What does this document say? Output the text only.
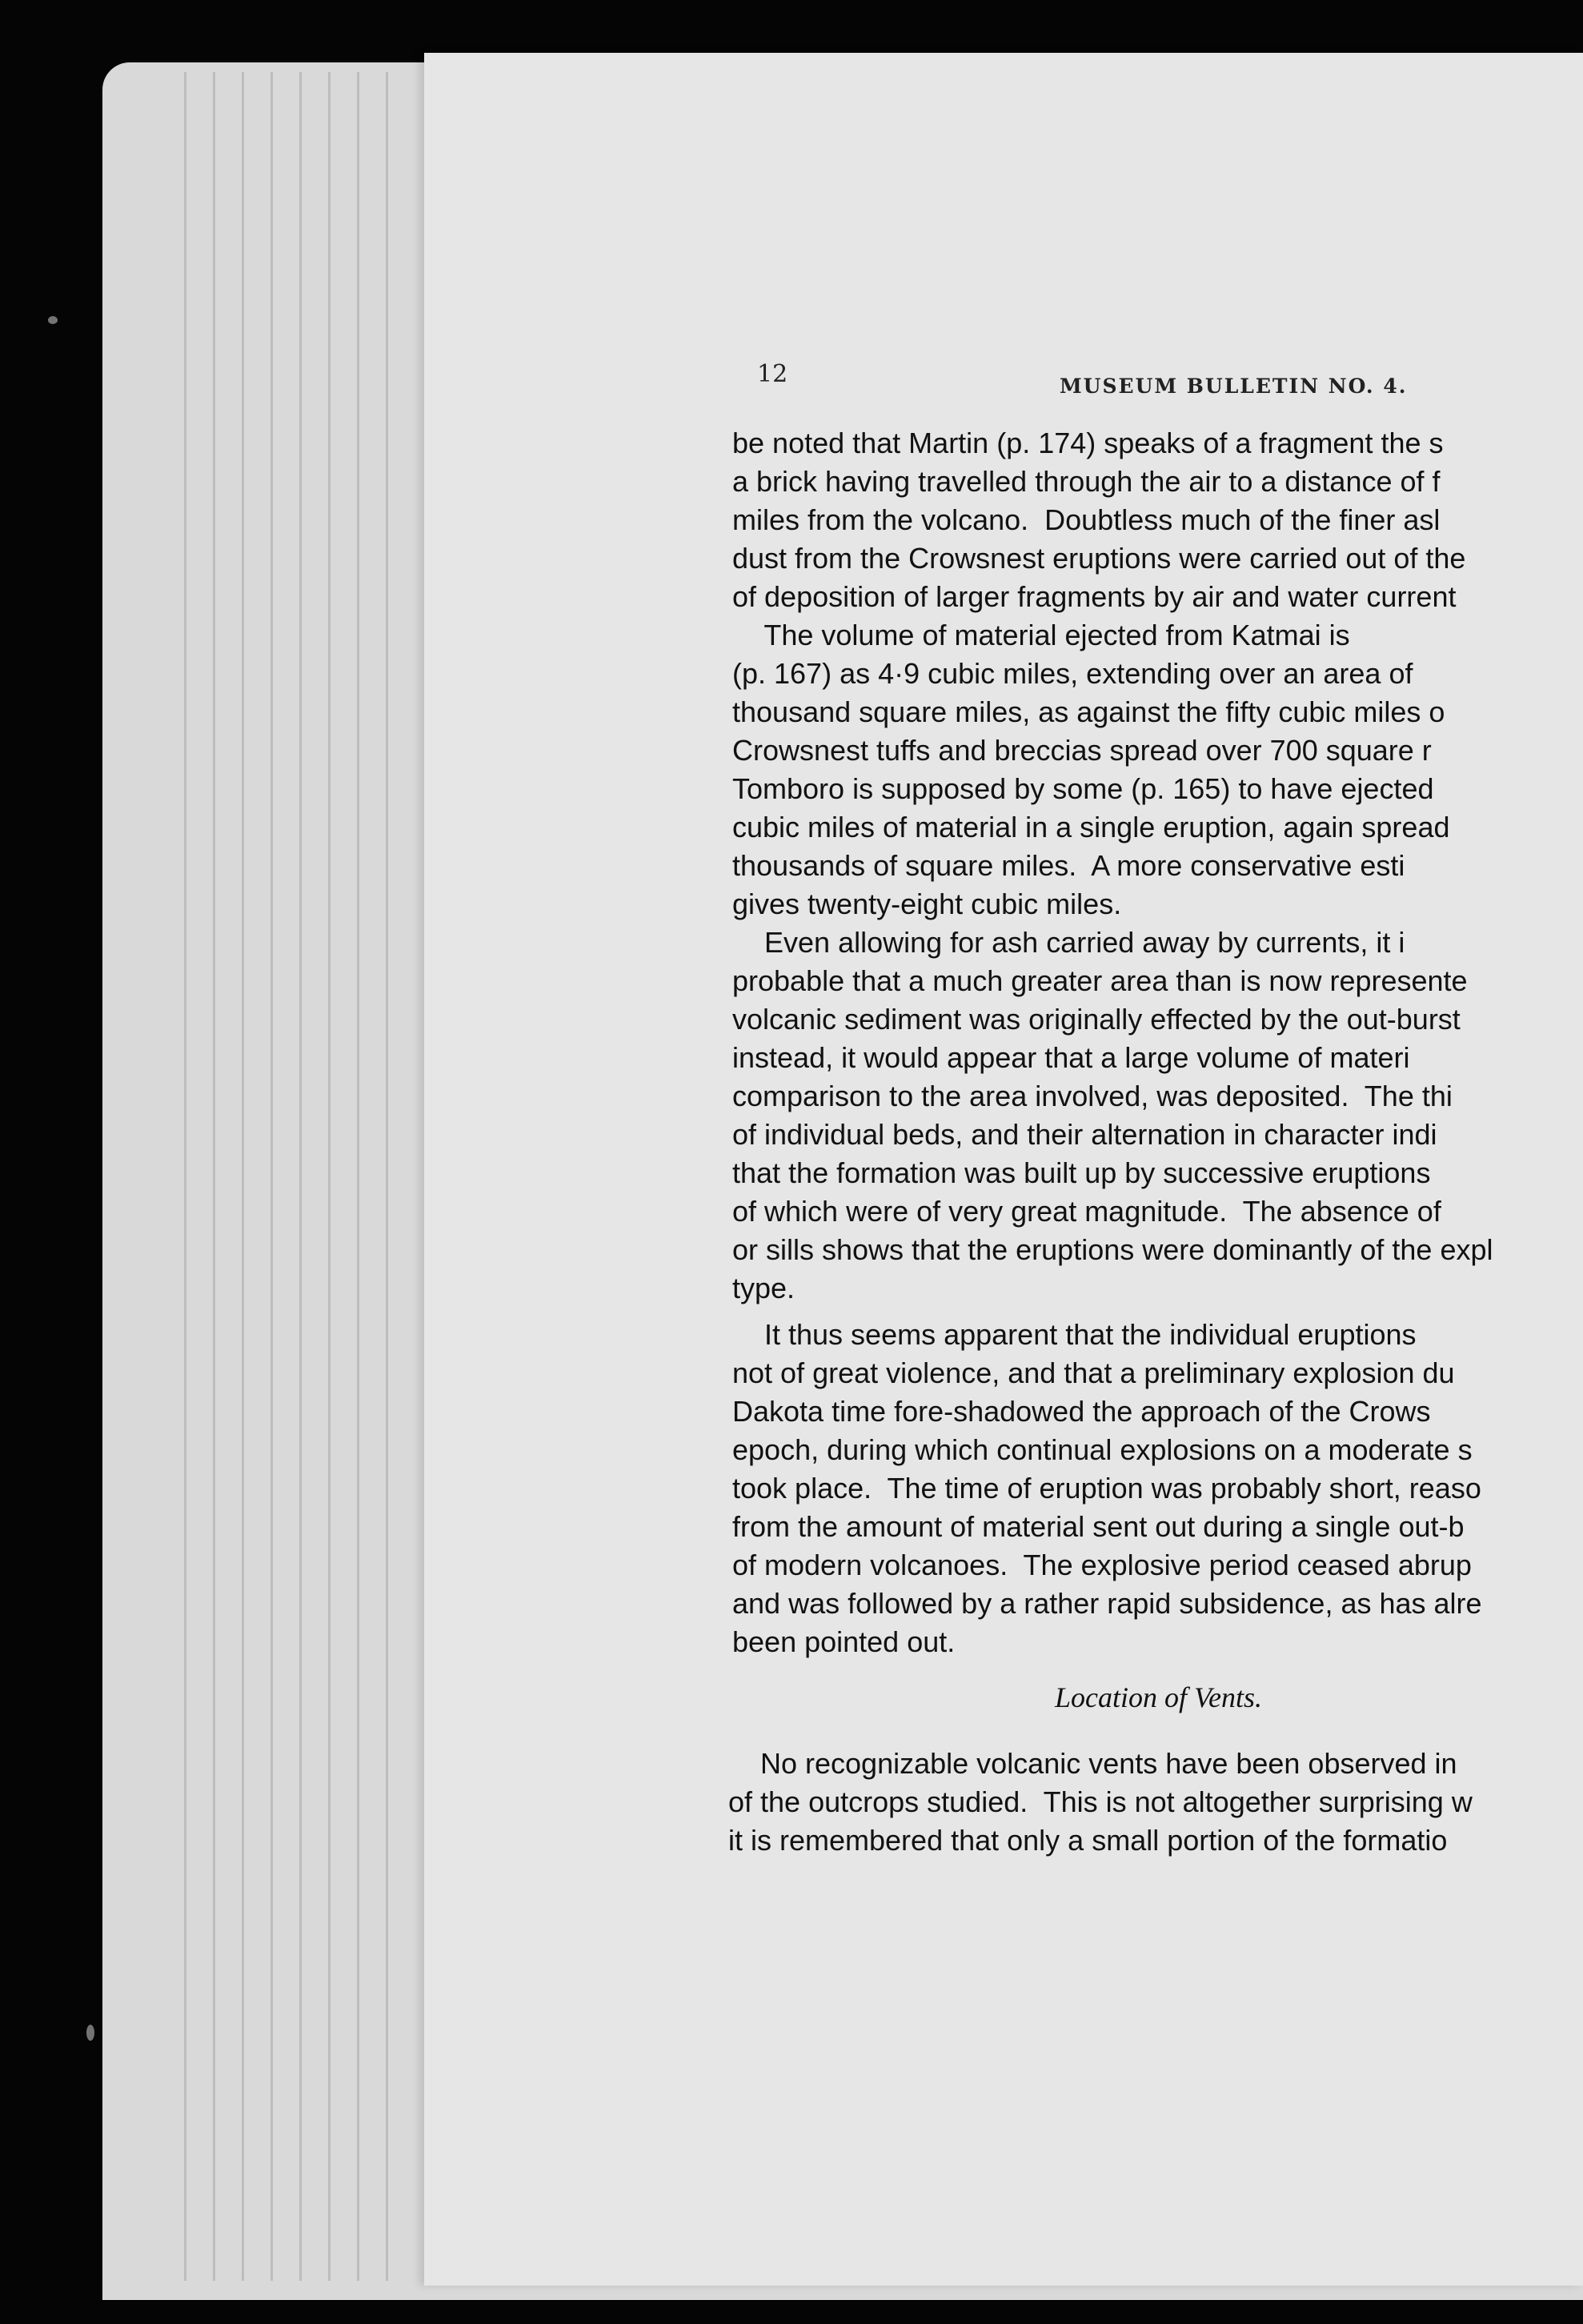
12	MUSEUM BULLETIN NO. 4.

be noted that Martin (p. 174) speaks of a fragment the s
a brick having travelled through the air to a distance of f
miles from the volcano.  Doubtless much of the finer asl
dust from the Crowsnest eruptions were carried out of the
of deposition of larger fragments by air and water current

The volume of material ejected from Katmai is
(p. 167) as 4·9 cubic miles, extending over an area of
thousand square miles, as against the fifty cubic miles o
Crowsnest tuffs and breccias spread over 700 square r
Tomboro is supposed by some (p. 165) to have ejected
cubic miles of material in a single eruption, again spread
thousands of square miles.  A more conservative esti
gives twenty-eight cubic miles.

Even allowing for ash carried away by currents, it i
probable that a much greater area than is now represente
volcanic sediment was originally effected by the out-burst
instead, it would appear that a large volume of materi
comparison to the area involved, was deposited.  The thi
of individual beds, and their alternation in character indi
that the formation was built up by successive eruptions
of which were of very great magnitude.  The absence of
or sills shows that the eruptions were dominantly of the expl
type.

It thus seems apparent that the individual eruptions
not of great violence, and that a preliminary explosion du
Dakota time fore-shadowed the approach of the Crows
epoch, during which continual explosions on a moderate s
took place.  The time of eruption was probably short, reaso
from the amount of material sent out during a single out-b
of modern volcanoes.  The explosive period ceased abrup
and was followed by a rather rapid subsidence, as has alre
been pointed out.

Location of Vents.

No recognizable volcanic vents have been observed in
of the outcrops studied.  This is not altogether surprising w
it is remembered that only a small portion of the formatio
